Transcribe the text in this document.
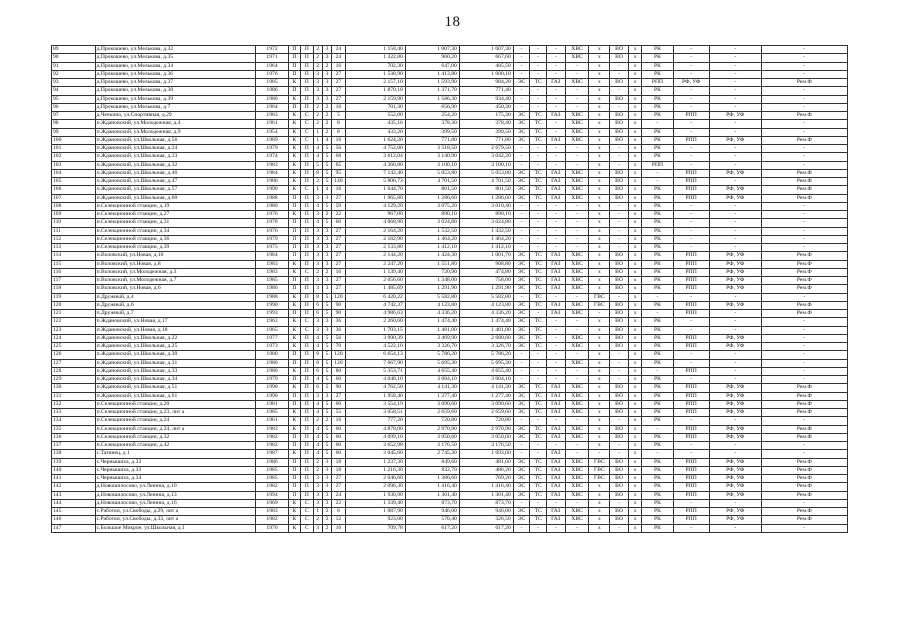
18
89	д.Прокошево, ул.Мелькова, д.32	1972	П	П	2	3	24	1 158,40	1 007,30	1 007,30	-	-	-	ХВС	х	ВО	х	РК	-	-	-
90	д.Прокошево, ул.Мелькова, д.35	1971	П	П	2	3	24	1 322,80	960,20	667,60	-	-	-	ХВС	х	ВО	х	РК	-	-	-
91	д.Прокошево, ул.Мелькова, д.34	1964	П	П	2	2	16	702,30	647,00	485,50	-	-	-	-	х	-	х	РК	-	-	-
92	д.Прокошево, ул.Мелькова, д.36	1976	П	П	3	3	27	1 538,90	1 413,80	1 000,10	-	-	-	-	х	-	х	РК	-	-	-
93	д.Прокошево, ул.Мелькова, д.37	1985	К	П	3	3	27	2 157,10	1 593,90	984,20	ЭС	ТС	ГАЗ	ХВС	х	ВО	х	РПП	РФ, УФ	-	Рем.Ф
94	д.Прокошево, ул.Мелькова, д.38	1986	П	П	3	3	27	1 870,10	1 371,70	771,40	-	-	-	-	х	-	х	РК	-	-	-
95	д.Прокошево, ул.Мелькова, д.39	1980	К	П	3	3	27	2 159,90	1 586,30	934,40	-	-	-	-	х	ВО	х	РК	-	-	-
96	д.Прокошево, ул.Мелькова, д.7	1964	П	П	2	2	16	701,30	656,90	450,30	-	-	-	-	х	-	х	РК	-	-	-
97	д.Чечкино, ул.Спортивная, д.29	1983	К	С	2	2	5	552,00	254,20	175,30	ЭС	ТС	ГАЗ	ХВС	х	ВО	х	РК	РПП	РФ, УФ	Рем.Ф
98	п.Ждановский, ул.Молодежная, д.4	1961	К	С	2	2	8	435,16	378,30	378,40	ЭС	ТС	-	ХВС	х	ВО	х	-	-	-	-
99	п.Ждановский, ул.Молодежная, д.9	1954	К	С	1	2	8	433,20	399,50	399,50	ЭС	ТС	-	ХВС	х	ВО	х	РК	-	-	-
100	п.Ждановский, ул.Школьная, д.56	1989	К	С	1	4	16	1 624,20	771,80	771,80	ЭС	ТС	ГАЗ	ХВС	х	ВО	х	РК	РПП	РФ, УФ	Рем.Ф
101	п.Ждановский, ул.Школьная, д.24	1979	К	П	4	5	56	4 752,00	3 518,50	2 679,50	-	-	-	-	х	-	х	РК	-	-	-
102	п.Ждановский, ул.Школьная, д.23	1974	К	П	4	5	68	3 612,04	3 140,90	3 042,20	-	-	-	-	х	-	х	РК	-	-	-
103	п.Ждановский, ул.Школьная, д.32	1983	К	П	5	5	65	4 360,80	3 100,10	3 100,10	-	-	-	-	х	-	х	РПП	-	-	-
104	п.Ждановский, ул.Школьная, д.46	1984	К	П	8	5	95	7 142,40	5 053,80	5 053,80	ЭС	ТС	ГАЗ	ХВС	х	ВО	х	-	РПП	РФ, УФ	Рем.Ф
105	п.Ждановский, ул.Школьная, д.47	1986	К	П	2	5	140	5 806,73	4 701,50	4 701,50	ЭС	ТС	ГАЗ	ХВС	х	ВО	х	-	РПП	-	Рем.Ф
106	п.Ждановский, ул.Школьная, д.57	1990	К	С	1	4	16	1 644,70	801,50	801,50	ЭС	ТС	ГАЗ	ХВС	х	ВО	х	РК	РПП	РФ, УФ	Рем.Ф
107	п.Ждановский, ул.Школьная, д.60	1988	П	П	3	3	27	1 965,80	1 286,60	1 286,60	ЭС	ТС	ГАЗ	ХВС	х	ВО	х	РК	РПП	РФ, УФ	Рем.Ф
108	п.Селекционной станции, д.19	1980	П	П	4	5	59	4 129,20	3 075,20	3 010,40	-	-	-	-	х	-	х	РК	-	-	-
109	п.Селекционной станции, д.27	1976	К	П	3	2	22	967,00	890,10	890,10	-	-	-	-	х	-	х	РК	-	-	-
110	п.Селекционной станции, д.31	1978	П	П	4	5	60	4 068,90	3 024,80	3 024,80	-	-	-	-	х	-	х	РК	-	-	-
111	п.Селекционной станции, д.34	1976	П	П	3	3	27	2 164,20	1 532,50	1 432,50	-	-	-	-	х	-	х	РК	-	-	-
112	п.Селекционной станции, д.36	1979	П	П	3	3	27	2 182,90	1 464,20	1 464,20	-	-	-	-	х	-	х	РК	-	-	-
113	п.Селекционной станции, д.39	1975	П	П	3	3	27	2 133,80	1 412,10	1 412,10	-	-	-	-	х	-	х	РК	-	-	-
114	п.Воловский, ул.Новая, д.10	1984	П	П	3	3	27	2 144,20	1 424,30	1 001,70	ЭС	ТС	ГАЗ	ХВС	х	ВО	х	РК	РПП	РФ, УФ	Рем.Ф
115	п.Воловский, ул.Новая, д.8	1983	К	П	3	3	27	2 247,20	1 551,80	908,80	ЭС	ТС	ГАЗ	ХВС	х	ВО	х	РК	РПП	РФ, УФ	Рем.Ф
116	п.Воловский, ул.Молодежная, д.3	1983	К	С	2	2	16	1 139,40	720,90	474,80	ЭС	ТС	ГАЗ	ХВС	х	ВО	х	РК	РПП	РФ, УФ	Рем.Ф
117	п.Воловский, ул.Молодежная, д.7	1985	П	П	3	3	27	2 056,60	1 348,00	758,00	ЭС	ТС	ГАЗ	ХВС	х	ВО	х	РК	РПП	РФ, УФ	Рем.Ф
118	п.Воловский, ул.Новая, д.6	1986	П	П	3	3	27	1 485,69	1 291,90	1 291,90	ЭС	ТС	ГАЗ	ХВС	х	ВО	х	РК	РПП	РФ, УФ	Рем.Ф
119	п.Дружный, д.4	1988	К	П	8	5	120	6 420,22	5 582,80	5 582,80	-	ТС	-	-	ГВС	-	х	-	-	-	-
120	п.Дружный, д.6	1990	К	П	6	5	90	4 742,37	4 123,80	4 123,80	ЭС	ТС	ГАЗ	ХВС	ГВС	ВО	х	РК	РПП	РФ, УФ	Рем.Ф
121	п.Дружный, д.7	1993	П	П	6	5	90	4 986,63	4 336,20	4 336,20	ЭС	-	ГАЗ	ХВС	-	ВО	х	-	РПП	-	Рем.Ф
122	п.Ждановский, ул.Новая, д.17	1963	К	С	3	3	36	2 260,60	1 474,40	1 474,40	ЭС	ТС	-	-	х	ВО	х	РК	-	-	-
123	п.Ждановский, ул.Новая, д.18	1965	К	С	3	3	36	1 703,15	1 481,00	1 481,00	ЭС	ТС	-	-	х	ВО	х	РК	-	-	-
124	п.Ждановский, ул.Школьная, д.22	1977	К	П	4	5	56	3 990,39	3 469,90	2 680,60	ЭС	ТС	-	ХВС	х	ВО	х	РК	РПП	РФ, УФ	-
125	п.Ждановский, ул.Школьная, д.25	1973	К	П	4	5	70	4 522,10	3 326,70	3 326,70	ЭС	ТС	-	ХВС	х	ВО	х	РК	РПП	РФ, УФ	-
126	п.Ждановский, ул.Школьная, д.30	1980	П	П	8	5	120	6 654,13	5 786,20	5 786,20	-	-	-	-	х	-	х	РК	-	-	-
127	п.Ждановский, ул.Школьная, д.31	1980	П	П	8	5	120	7 667,90	5 695,30	5 695,30	-	-	-	ХВС	х	-	х	РК	-	-	-
128	п.Ждановский, ул.Школьная, д.33	1980	К	П	6	5	80	5 353,71	4 655,40	4 655,40	-	-	-	-	х	-	х	-	РПП	-	-
129	п.Ждановский, ул.Школьная, д.34	1979	П	П	4	5	60	4 048,10	3 004,10	3 004,10	-	-	-	-	х	-	х	РК	-	-	-
130	п.Ждановский, ул.Школьная, д.51	1990	К	П	6	5	90	4 762,50	4 141,30	4 141,30	ЭС	ТС	ГАЗ	ХВС	х	ВО	х	РК	РПП	РФ, УФ	Рем.Ф
131	п.Ждановский, ул.Школьная, д.61	1990	П	П	3	3	27	1 958,40	1 277,40	1 277,40	ЭС	ТС	ГАЗ	ХВС	х	ВО	х	РК	РПП	РФ, УФ	Рем.Ф
132	п.Селекционной станции, д.20	1981	П	П	4	5	60	3 554,19	3 090,60	3 090,60	ЭС	ТС	ГАЗ	ХВС	х	ВО	х	РК	РПП	РФ, УФ	Рем.Ф
133	п.Селекционной станции, д.23, лит а	1985	К	П	4	5	55	3 058,51	2 659,60	2 659,60	ЭС	ТС	ГАЗ	ХВС	х	ВО	х	РК	РПП	РФ, УФ	Рем.Ф
134	п.Селекционной станции, д.24	1961	К	П	2	2	16	777,20	720,80	720,80	-	-	-	-	х	-	х	РК	-	-	-
135	п.Селекционной станции, д.24, лит а	1983	К	П	4	5	60	4 878,00	2 970,90	2 970,90	ЭС	ТС	ГАЗ	ХВС	х	ВО	х	-	РПП	РФ, УФ	Рем.Ф
136	п.Селекционной станции, д.32	1982	П	П	4	5	60	4 099,10	3 050,60	3 050,60	ЭС	ТС	ГАЗ	ХВС	х	ВО	х	РК	РПП	РФ, УФ	Рем.Ф
137	п.Селекционной станции, д.42	1982	П	П	4	5	60	3 652,98	3 176,50	3 176,50	-	-	-	-	х	-	х	РК	-	-	-
138	с.Татинец, д.1	1987	К	П	4	5	60	3 045,60	2 745,30	1 693,60	-	-	ГАЗ	-	-	-	х	-	-	-	-
139	с.Чернышиха, д.32	1986	П	П	2	3	18	1 237,30	849,60	481,60	ЭС	ТС	ГАЗ	ХВС	ГВС	ВО	х	РК	РПП	РФ, УФ	Рем.Ф
140	с.Чернышиха, д.33	1985	П	П	2	3	18	1 216,30	832,70	486,20	ЭС	ТС	ГАЗ	ХВС	ГВС	ВО	х	РК	РПП	РФ, УФ	Рем.Ф
141	с.Чернышиха, д.34	1985	П	П	3	3	27	2 046,60	1 386,60	769,20	ЭС	ТС	ГАЗ	ХВС	ГВС	ВО	х	РК	РПП	РФ, УФ	Рем.Ф
142	д.Новошилосово, ул.Ленина, д.10	1982	П	П	3	3	27	2 096,30	1 416,40	1 416,40	ЭС	ТС	ГАЗ	ХВС	х	ВО	х	РК	РПП	РФ, УФ	Рем.Ф
143	д.Новошилосово, ул.Ленина, д.13	1994	П	П	3	3	24	1 930,90	1 301,40	1 301,40	ЭС	ТС	ГАЗ	ХВС	х	ВО	х	РК	РПП	РФ, УФ	Рем.Ф
144	д.Новошилосово, ул.Ленина, д.16	1969	К	С	3	3	22	1 339,40	873,70	873,70	-	-	-	-	х	-	х	РК	-	-	-
145	с.Работки, ул.Свободы, д.29, лит а	1983	К	С	1	2	8	1 087,90	946,00	946,00	ЭС	ТС	ГАЗ	ХВС	х	ВО	х	РК	РПП	РФ, УФ	Рем.Ф
146	с.Работки, ул.Свободы, д.33, лит а	1982	К	С	2	2	12	923,00	570,40	326,50	ЭС	ТС	ГАЗ	ХВС	х	ВО	х	РК	РПП	РФ, УФ	Рем.Ф
147	с.Большое Мокрое, ул.Школьная, д.1	1970	К	С	3	2	16	709,78	617,20	617,20	-	-	-	-	х	-	х	РК	-	-	-
